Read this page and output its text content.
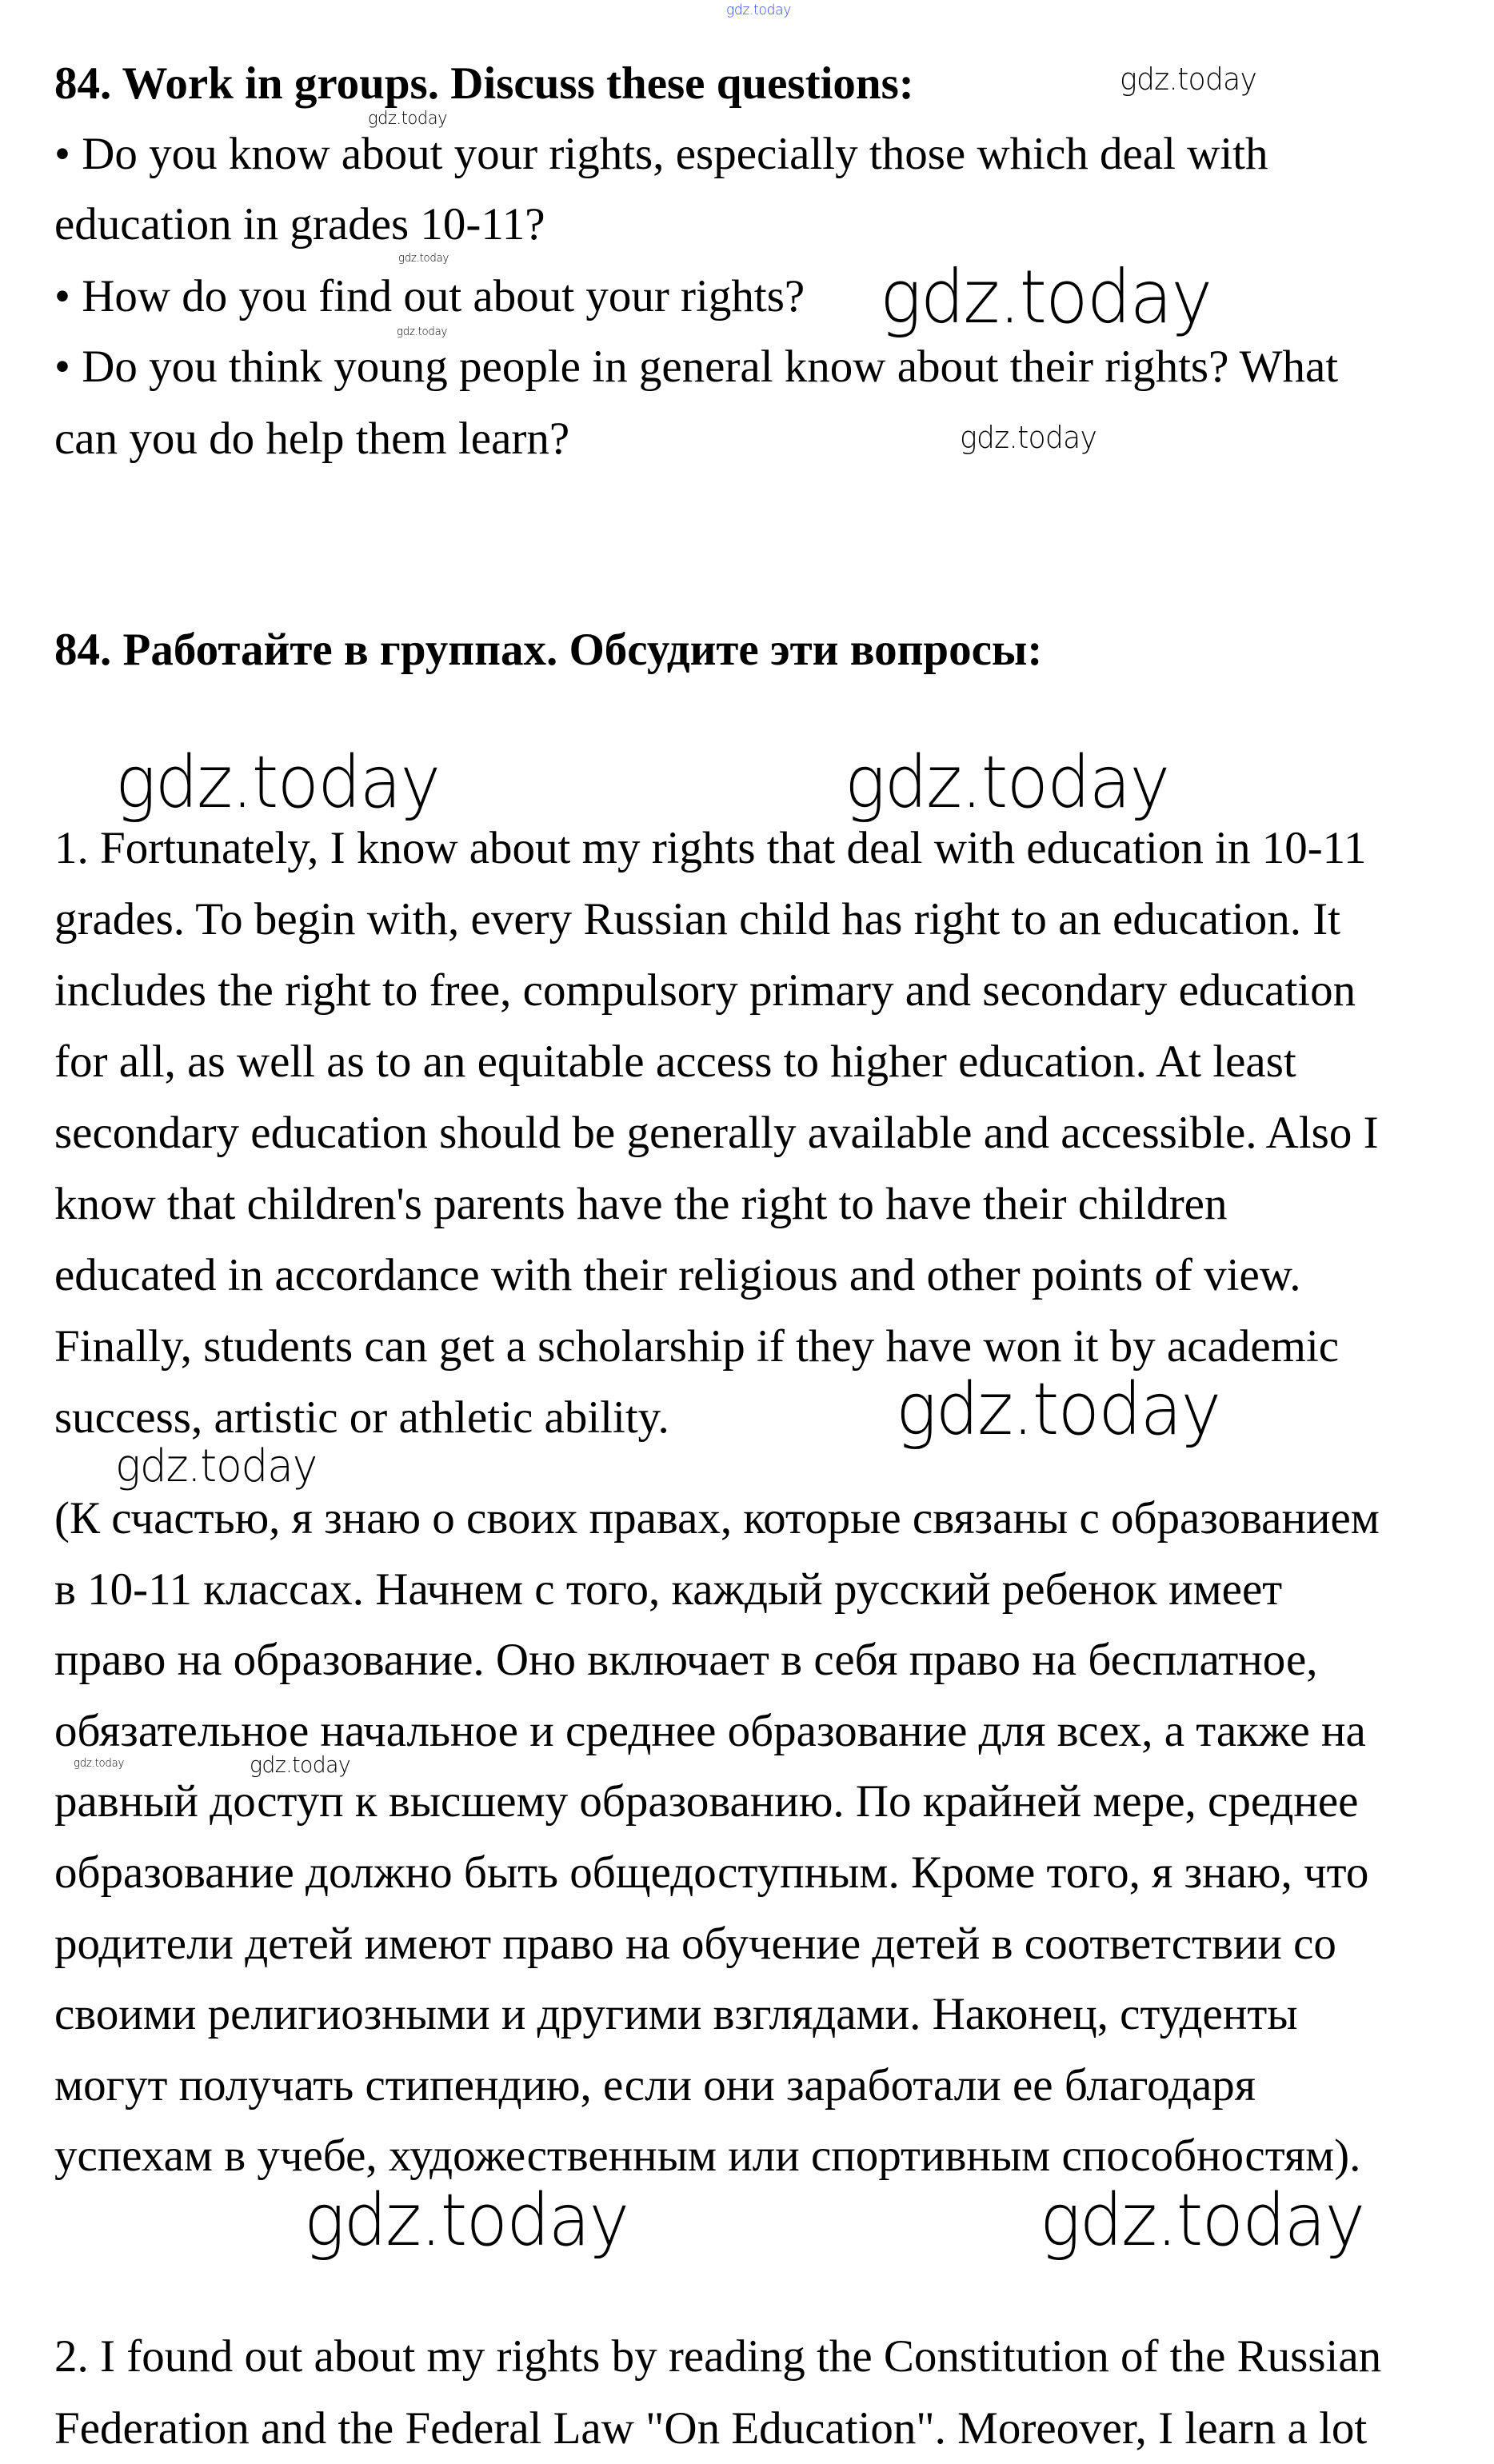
84. Work in groups. Discuss these questions:
• Do you know about your rights, especially those which deal with
education in grades 10-11?
• How do you find out about your rights?
• Do you think young people in general know about their rights? What
can you do help them learn?
84. Работайте в группах. Обсудите эти вопросы:
1. Fortunately, I know about my rights that deal with education in 10-11
grades. To begin with, every Russian child has right to an education. It
includes the right to free, compulsory primary and secondary education
for all, as well as to an equitable access to higher education. At least
secondary education should be generally available and accessible. Also I
know that children's parents have the right to have their children
educated in accordance with their religious and other points of view.
Finally, students can get a scholarship if they have won it by academic
success, artistic or athletic ability.
(К счастью, я знаю о своих правах, которые связаны с образованием
в 10-11 классах. Начнем с того, каждый русский ребенок имеет
право на образование. Оно включает в себя право на бесплатное,
обязательное начальное и среднее образование для всех, а также на
равный доступ к высшему образованию. По крайней мере, среднее
образование должно быть общедоступным. Кроме того, я знаю, что
родители детей имеют право на обучение детей в соответствии со
своими религиозными и другими взглядами. Наконец, студенты
могут получать стипендию, если они заработали ее благодаря
успехам в учебе, художественным или спортивным способностям).
2. I found out about my rights by reading the Constitution of the Russian
Federation and the Federal Law "On Education". Moreover, I learn a lot
gdz.today
gdz.today
gdz.today
gdz.today	gdz.today
gdz.today
gdz.today
gdz.today	gdz.today
gdz.today
gdz.today
gdz.today
gdz.today
gdz.today	gdz.today
